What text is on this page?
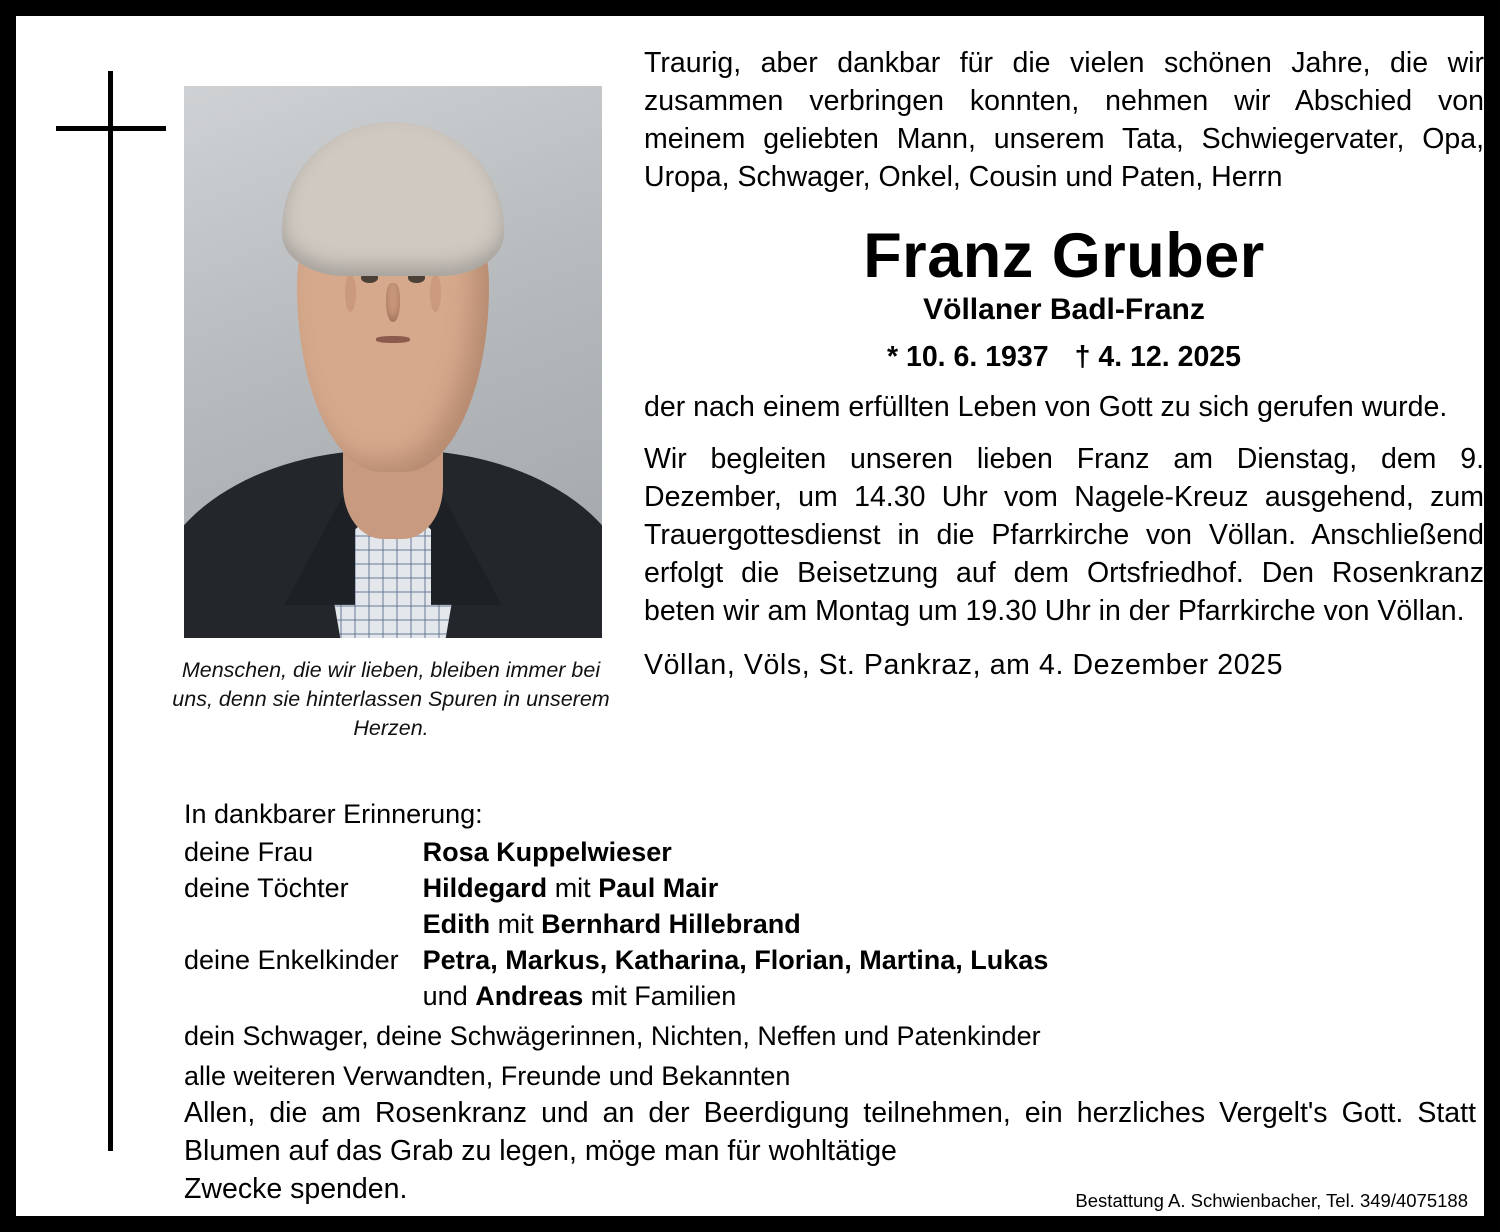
Menschen, die wir lieben, bleiben immer bei uns, denn sie hinterlassen Spuren in unserem Herzen.
Traurig, aber dankbar für die vielen schönen Jahre, die wir zusammen verbringen konnten, nehmen wir Abschied von meinem geliebten Mann, unserem Tata, Schwiegervater, Opa, Uropa, Schwager, Onkel, Cousin und Paten, Herrn
Franz Gruber
Völlaner Badl-Franz
* 10. 6. 1937 † 4. 12. 2025
der nach einem erfüllten Leben von Gott zu sich gerufen wurde.
Wir begleiten unseren lieben Franz am Dienstag, dem 9. Dezember, um 14.30 Uhr vom Nagele-Kreuz ausgehend, zum Trauergottesdienst in die Pfarrkirche von Völlan. Anschließend erfolgt die Beisetzung auf dem Ortsfriedhof. Den Rosenkranz beten wir am Montag um 19.30 Uhr in der Pfarrkirche von Völlan.
Völlan, Völs, St. Pankraz, am 4. Dezember 2025
In dankbarer Erinnerung:
deine Frau	Rosa Kuppelwieser
deine Töchter	Hildegard mit Paul Mair
	Edith mit Bernhard Hillebrand
deine Enkelkinder	Petra, Markus, Katharina, Florian, Martina, Lukas
	und Andreas mit Familien
dein Schwager, deine Schwägerinnen, Nichten, Neffen und Patenkinder
alle weiteren Verwandten, Freunde und Bekannten
Allen, die am Rosenkranz und an der Beerdigung teilnehmen, ein herzliches Vergelt's Gott. Statt Blumen auf das Grab zu legen, möge man für wohltätige
Zwecke spenden.	Bestattung A. Schwienbacher, Tel. 349/4075188
